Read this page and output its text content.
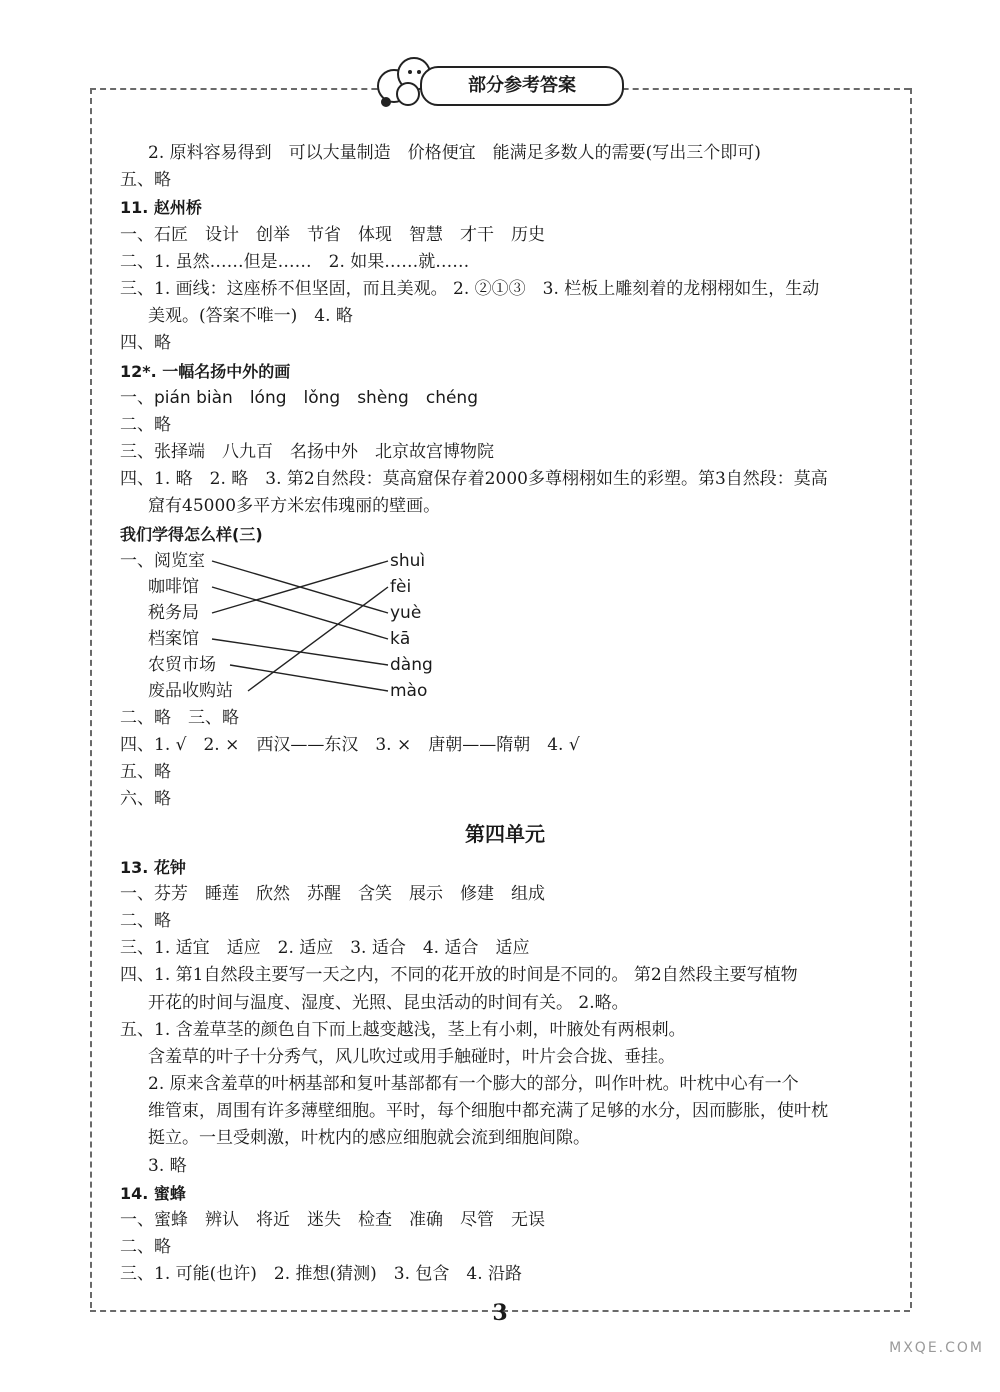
部分参考答案
2. 原料容易得到　可以大量制造　价格便宜　能满足多数人的需要(写出三个即可)
五、略
11. 赵州桥
一、石匠　设计　创举　节省　体现　智慧　才干　历史
二、1. 虽然……但是……　2. 如果……就……
三、1. 画线：这座桥不但坚固，而且美观。 2. ②①③　3. 栏板上雕刻着的龙栩栩如生，生动
美观。(答案不唯一)　4. 略
四、略
12*. 一幅名扬中外的画
一、pián biàn　lóng　lǒng　shèng　chéng
二、略
三、张择端　八九百　名扬中外　北京故宫博物院
四、1. 略　2. 略　3. 第2自然段：莫高窟保存着2000多尊栩栩如生的彩塑。第3自然段：莫高
窟有45000多平方米宏伟瑰丽的壁画。
我们学得怎么样(三)
一、阅览室
咖啡馆
税务局
档案馆
农贸市场
废品收购站
shuì
fèi
yuè
kā
dàng
mào
二、略　三、略
四、1. √　2. ×　西汉——东汉　3. ×　唐朝——隋朝　4. √
五、略
六、略
第四单元
13. 花钟
一、芬芳　睡莲　欣然　苏醒　含笑　展示　修建　组成
二、略
三、1. 适宜　适应　2. 适应　3. 适合　4. 适合　适应
四、1. 第1自然段主要写一天之内，不同的花开放的时间是不同的。 第2自然段主要写植物
开花的时间与温度、湿度、光照、昆虫活动的时间有关。 2.略。
五、1. 含羞草茎的颜色自下而上越变越浅，茎上有小刺，叶腋处有两根刺。
含羞草的叶子十分秀气，风儿吹过或用手触碰时，叶片会合拢、垂挂。
2. 原来含羞草的叶柄基部和复叶基部都有一个膨大的部分，叫作叶枕。叶枕中心有一个
维管束，周围有许多薄壁细胞。平时，每个细胞中都充满了足够的水分，因而膨胀，使叶枕
挺立。一旦受刺激，叶枕内的感应细胞就会流到细胞间隙。
3. 略
14. 蜜蜂
一、蜜蜂　辨认　将近　迷失　检查　准确　尽管　无误
二、略
三、1. 可能(也许)　2. 推想(猜测)　3. 包含　4. 沿路
3
MXQE.COM
